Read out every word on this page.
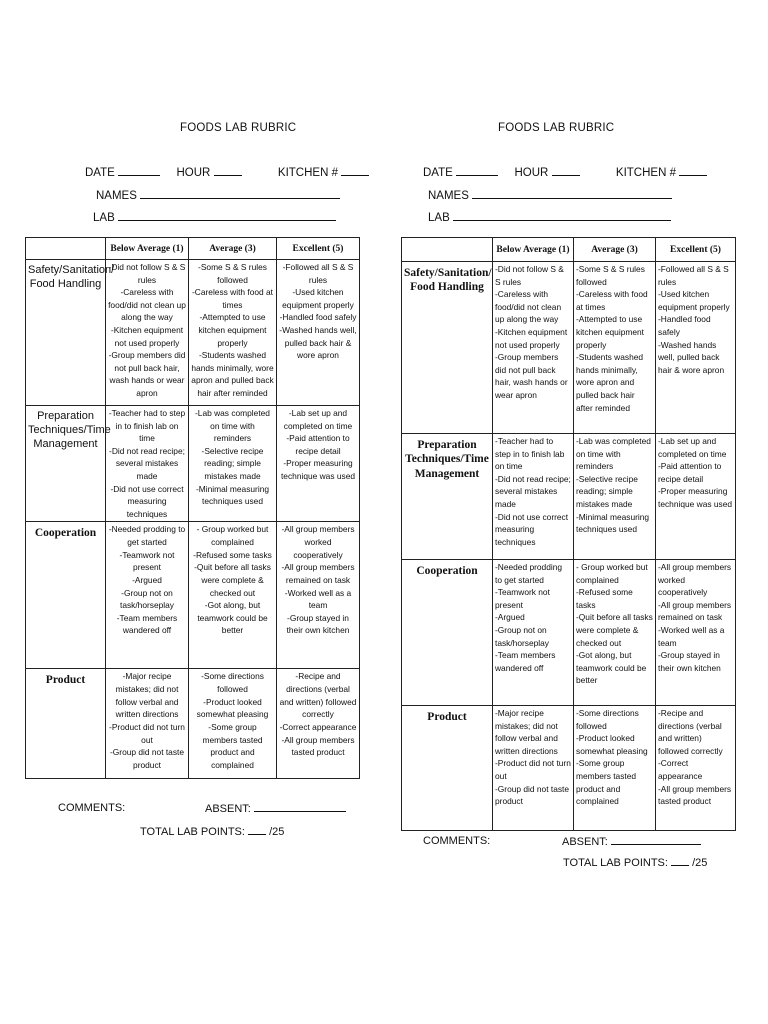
FOODS LAB RUBRIC
DATE	HOUR	KITCHEN #
NAMES
LAB
	Below Average (1)	Average (3)	Excellent (5)
Safety/Sanitation/ Food Handling	-Did not follow S & S rules
-Careless with food/did not clean up along the way
-Kitchen equipment not used properly
-Group members did not pull back hair, wash hands or wear apron	-Some S & S rules followed
-Careless with food at times
-Attempted to use kitchen equipment properly
-Students washed hands minimally, wore apron and pulled back hair after reminded	-Followed all S & S rules
-Used kitchen equipment properly
-Handled food safely
-Washed hands well, pulled back hair & wore apron

Preparation Techniques/Time Management	-Teacher had to step in to finish lab on time
-Did not read recipe; several mistakes made
-Did not use correct measuring techniques	-Lab was completed on time with reminders
-Selective recipe reading; simple mistakes made
-Minimal measuring techniques used	-Lab set up and completed on time
-Paid attention to recipe detail
-Proper measuring technique was used

Cooperation	-Needed prodding to get started
-Teamwork not present
-Argued
-Group not on task/horseplay
-Team members wandered off	- Group worked but complained
-Refused some tasks
-Quit before all tasks were complete & checked out
-Got along, but teamwork could be better	-All group members worked cooperatively
-All group members remained on task
-Worked well as a team
-Group stayed in their own kitchen

Product	-Major recipe mistakes; did not follow verbal and written directions
-Product did not turn out
-Group did not taste product	-Some directions followed
-Product looked somewhat pleasing
-Some group members tasted product and complained	-Recipe and directions (verbal and written) followed correctly
-Correct appearance
-All group members tasted product
COMMENTS:	ABSENT:
TOTAL LAB POINTS: /25
FOODS LAB RUBRIC
DATE	HOUR	KITCHEN #
NAMES
LAB
	Below Average (1)	Average (3)	Excellent (5)
Safety/Sanitation/ Food Handling	-Did not follow S & S rules
-Careless with food/did not clean up along the way
-Kitchen equipment not used properly
-Group members did not pull back hair, wash hands or wear apron	-Some S & S rules followed
-Careless with food at times
-Attempted to use kitchen equipment properly
-Students washed hands minimally, wore apron and pulled back hair after reminded	-Followed all S & S rules
-Used kitchen equipment properly
-Handled food safely
-Washed hands well, pulled back hair & wore apron

Preparation Techniques/Time Management	-Teacher had to step in to finish lab on time
-Did not read recipe; several mistakes made
-Did not use correct measuring techniques	-Lab was completed on time with reminders
-Selective recipe reading; simple mistakes made
-Minimal measuring techniques used	-Lab set up and completed on time
-Paid attention to recipe detail
-Proper measuring technique was used

Cooperation	-Needed prodding to get started
-Teamwork not present
-Argued
-Group not on task/horseplay
-Team members wandered off	- Group worked but complained
-Refused some tasks
-Quit before all tasks were complete & checked out
-Got along, but teamwork could be better	-All group members worked cooperatively
-All group members remained on task
-Worked well as a team
-Group stayed in their own kitchen

Product	-Major recipe mistakes; did not follow verbal and written directions
-Product did not turn out
-Group did not taste product	-Some directions followed
-Product looked somewhat pleasing
-Some group members tasted product and complained	-Recipe and directions (verbal and written) followed correctly
-Correct appearance
-All group members tasted product
COMMENTS:	ABSENT:
TOTAL LAB POINTS: /25
